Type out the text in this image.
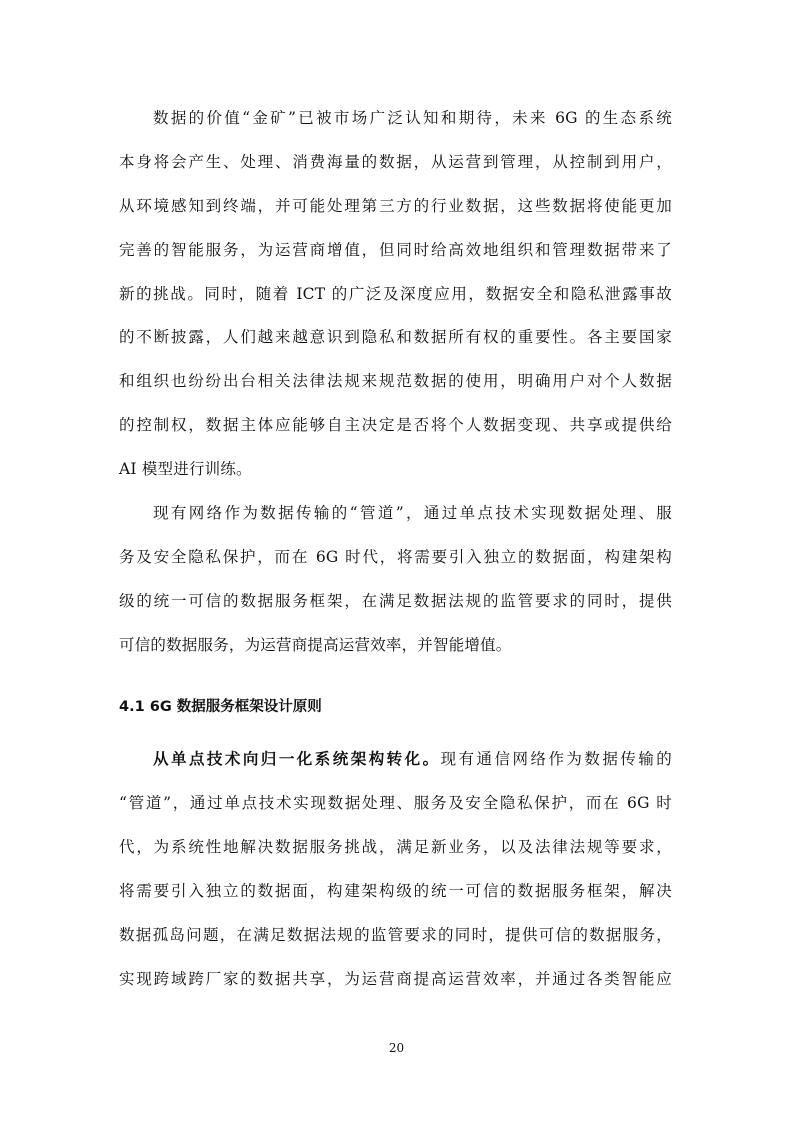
数据的价值“金矿”已被市场广泛认知和期待，未来 6G 的生态系统
本身将会产生、处理、消费海量的数据，从运营到管理，从控制到用户，
从环境感知到终端，并可能处理第三方的行业数据，这些数据将使能更加
完善的智能服务，为运营商增值，但同时给高效地组织和管理数据带来了
新的挑战。同时，随着 ICT 的广泛及深度应用，数据安全和隐私泄露事故
的不断披露，人们越来越意识到隐私和数据所有权的重要性。各主要国家
和组织也纷纷出台相关法律法规来规范数据的使用，明确用户对个人数据
的控制权，数据主体应能够自主决定是否将个人数据变现、共享或提供给
AI 模型进行训练。
现有网络作为数据传输的“管道”，通过单点技术实现数据处理、服
务及安全隐私保护，而在 6G 时代，将需要引入独立的数据面，构建架构
级的统一可信的数据服务框架，在满足数据法规的监管要求的同时，提供
可信的数据服务，为运营商提高运营效率，并智能增值。
4.1 6G 数据服务框架设计原则
从单点技术向归一化系统架构转化。现有通信网络作为数据传输的
“管道”，通过单点技术实现数据处理、服务及安全隐私保护，而在 6G 时
代，为系统性地解决数据服务挑战，满足新业务，以及法律法规等要求，
将需要引入独立的数据面，构建架构级的统一可信的数据服务框架，解决
数据孤岛问题，在满足数据法规的监管要求的同时，提供可信的数据服务，
实现跨域跨厂家的数据共享，为运营商提高运营效率，并通过各类智能应
20
